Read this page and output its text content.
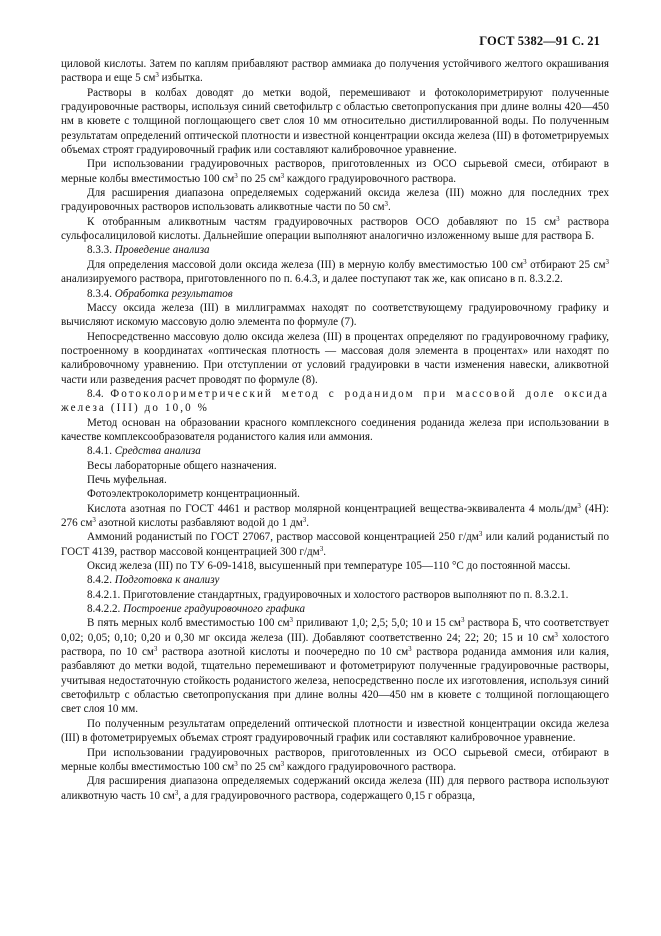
ГОСТ 5382—91 С. 21

циловой кислоты. Затем по каплям прибавляют раствор аммиака до получения устойчивого желтого окрашивания раствора и еще 5 $см^3$ избытка.

Растворы в колбах доводят до метки водой, перемешивают и фотоколориметрируют полученные градуировочные растворы, используя синий светофильтр с областью светопропускания при длине волны 420—450 нм в кювете с толщиной поглощающего свет слоя 10 мм относительно дистиллированной воды. По полученным результатам определений оптической плотности и известной концентрации оксида железа (III) в фотометрируемых объемах строят градуировочный график или составляют калибровочное уравнение.

При использовании градуировочных растворов, приготовленных из ОСО сырьевой смеси, отбирают в мерные колбы вместимостью 100 $см^3$ по 25 $см^3$ каждого градуировочного раствора.

Для расширения диапазона определяемых содержаний оксида железа (III) можно для последних трех градуировочных растворов использовать аликвотные части по 50 $см^3$.

К отобранным аликвотным частям градуировочных растворов ОСО добавляют по 15 $см^3$ раствора сульфосалициловой кислоты. Дальнейшие операции выполняют аналогично изложенному выше для раствора Б.

8.3.3. Проведение анализа

Для определения массовой доли оксида железа (III) в мерную колбу вместимостью 100 $см^3$ отбирают 25 $см^3$ анализируемого раствора, приготовленного по п. 6.4.3, и далее поступают так же, как описано в п. 8.3.2.2.

8.3.4. Обработка результатов

Массу оксида железа (III) в миллиграммах находят по соответствующему градуировочному графику и вычисляют искомую массовую долю элемента по формуле (7).

Непосредственно массовую долю оксида железа (III) в процентах определяют по градуировочному графику, построенному в координатах «оптическая плотность — массовая доля элемента в процентах» или находят по калибровочному уравнению. При отступлении от условий градуировки в части изменения навески, аликвотной части или разведения расчет проводят по формуле (8).

8.4. Фотоколориметрический метод с роданидом при массовой доле оксида железа (III) до 10,0 %

Метод основан на образовании красного комплексного соединения роданида железа при использовании в качестве комплексообразователя роданистого калия или аммония.

8.4.1. Средства анализа

Весы лабораторные общего назначения.

Печь муфельная.

Фотоэлектроколориметр концентрационный.

Кислота азотная по ГОСТ 4461 и раствор молярной концентрацией вещества-эквивалента 4 моль/$дм^3$ (4Н): 276 $см^3$ азотной кислоты разбавляют водой до 1 $дм^3$.

Аммоний роданистый по ГОСТ 27067, раствор массовой концентрацией 250 $г/дм^3$ или калий роданистый по ГОСТ 4139, раствор массовой концентрацией 300 $г/дм^3$.

Оксид железа (III) по ТУ 6-09-1418, высушенный при температуре 105—110 °С до постоянной массы.

8.4.2. Подготовка к анализу

8.4.2.1. Приготовление стандартных, градуировочных и холостого растворов выполняют по п. 8.3.2.1.

8.4.2.2. Построение градуировочного графика

В пять мерных колб вместимостью 100 $см^3$ приливают 1,0; 2,5; 5,0; 10 и 15 $см^3$ раствора Б, что соответствует 0,02; 0,05; 0,10; 0,20 и 0,30 мг оксида железа (III). Добавляют соответственно 24; 22; 20; 15 и 10 $см^3$ холостого раствора, по 10 $см^3$ раствора азотной кислоты и поочередно по 10 $см^3$ раствора роданида аммония или калия, разбавляют до метки водой, тщательно перемешивают и фотометрируют полученные градуировочные растворы, учитывая недостаточную стойкость роданистого железа, непосредственно после их изготовления, используя синий светофильтр с областью светопропускания при длине волны 420—450 нм в кювете с толщиной поглощающего свет слоя 10 мм.

По полученным результатам определений оптической плотности и известной концентрации оксида железа (III) в фотометрируемых объемах строят градуировочный график или составляют калибровочное уравнение.

При использовании градуировочных растворов, приготовленных из ОСО сырьевой смеси, отбирают в мерные колбы вместимостью 100 $см^3$ по 25 $см^3$ каждого градуировочного раствора.

Для расширения диапазона определяемых содержаний оксида железа (III) для первого раствора используют аликвотную часть 10 $см^3$, а для градуировочного раствора, содержащего 0,15 г образца,
